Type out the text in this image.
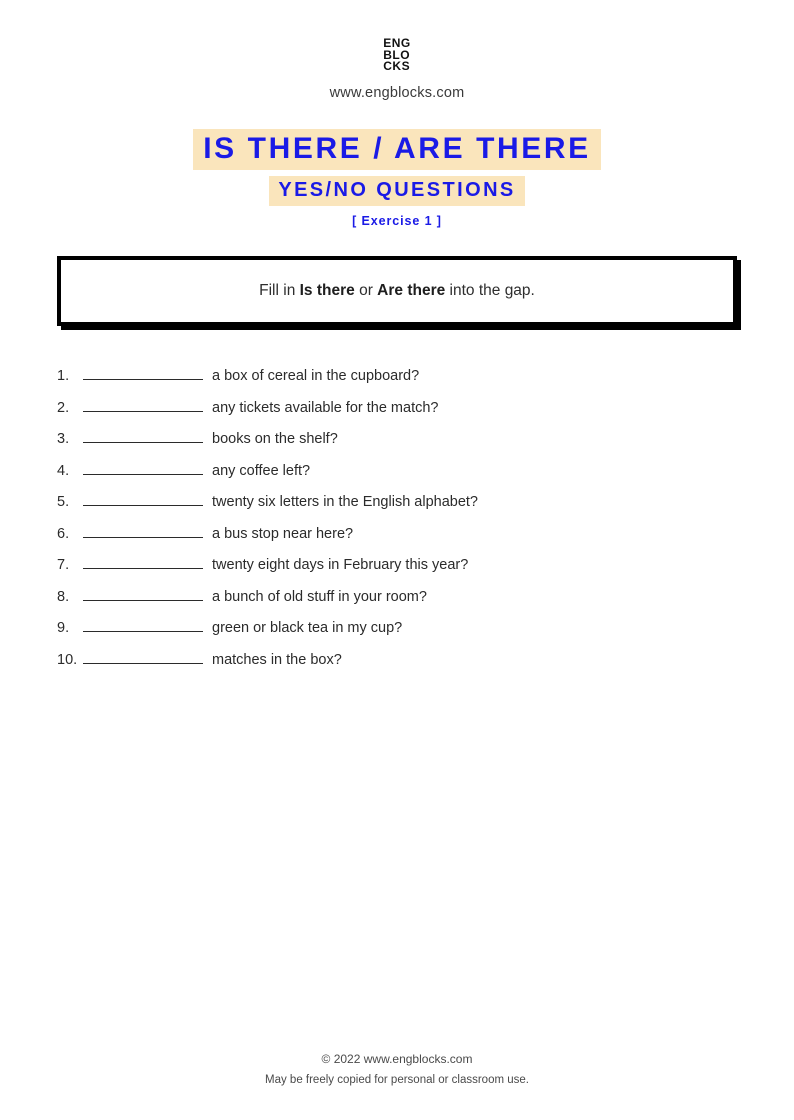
ENG
BLO
CKS
www.engblocks.com
IS THERE / ARE THERE
YES/NO QUESTIONS
[ Exercise 1 ]
Fill in Is there or Are there into the gap.
1.	a box of cereal in the cupboard?
2.	any tickets available for the match?
3.	books on the shelf?
4.	any coffee left?
5.	twenty six letters in the English alphabet?
6.	a bus stop near here?
7.	twenty eight days in February this year?
8.	a bunch of old stuff in your room?
9.	green or black tea in my cup?
10.	matches in the box?
© 2022 www.engblocks.com
May be freely copied for personal or classroom use.
